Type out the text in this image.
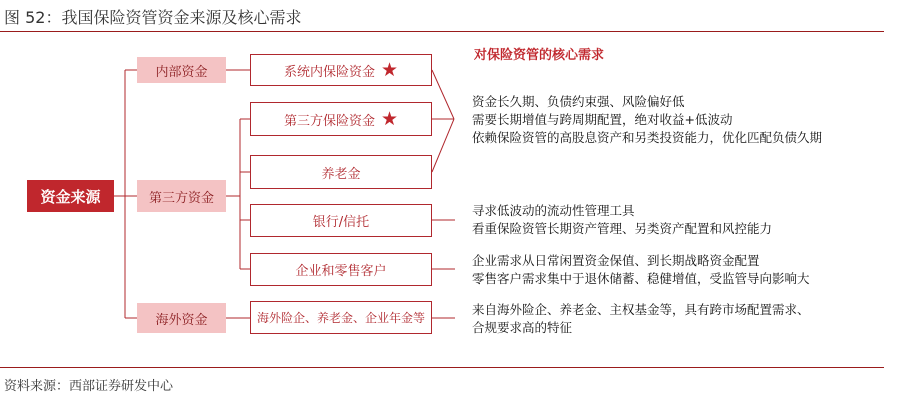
图 52：我国保险资管资金来源及核心需求
资金来源
内部资金
第三方资金
海外资金
系统内保险资金 ★
第三方保险资金 ★
养老金
银行/信托
企业和零售客户
海外险企、养老金、企业年金等
对保险资管的核心需求
资金长久期、负债约束强、风险偏好低
需要长期增值与跨周期配置，绝对收益+低波动
依赖保险资管的高股息资产和另类投资能力，优化匹配负债久期
寻求低波动的流动性管理工具
看重保险资管长期资产管理、另类资产配置和风控能力
企业需求从日常闲置资金保值、到长期战略资金配置
零售客户需求集中于退休储蓄、稳健增值，受监管导向影响大
来自海外险企、养老金、主权基金等，具有跨市场配置需求、
合规要求高的特征
资料来源：西部证券研发中心
